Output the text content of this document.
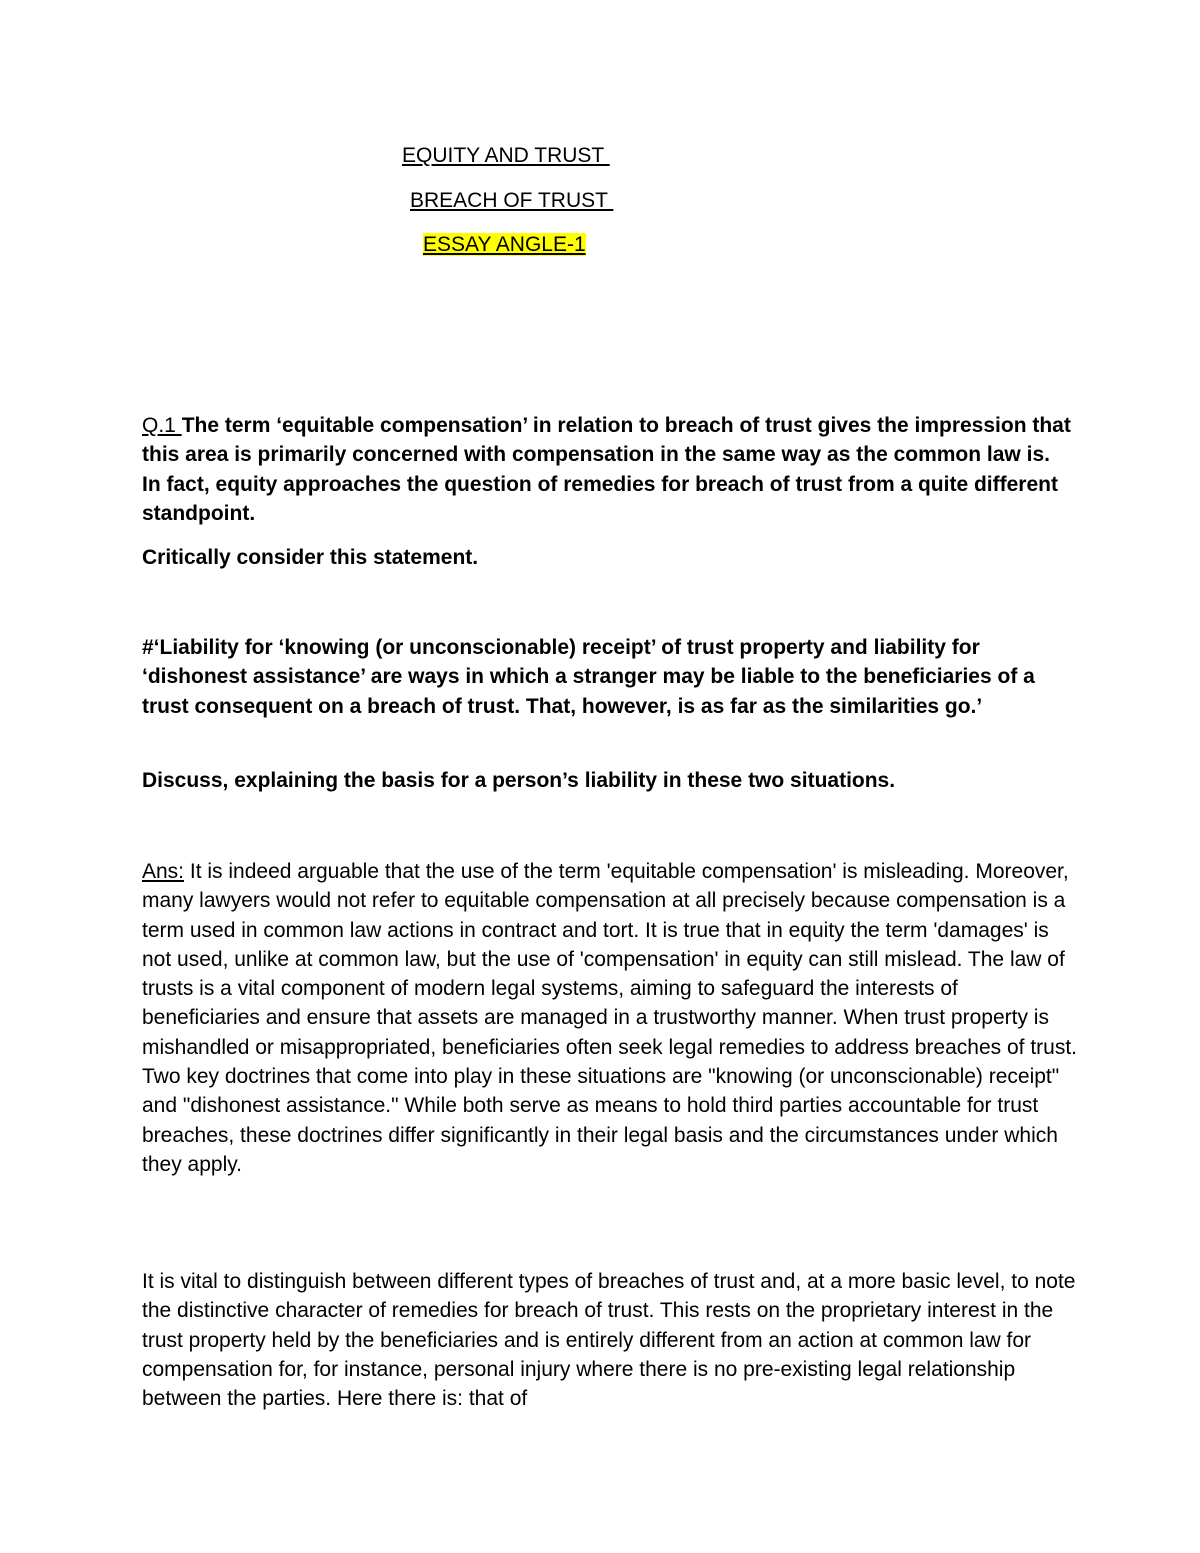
EQUITY AND TRUST
BREACH OF TRUST
ESSAY ANGLE-1
Q.1 The term ‘equitable compensation’ in relation to breach of trust gives the impression that this area is primarily concerned with compensation in the same way as the common law is. In fact, equity approaches the question of remedies for breach of trust from a quite different standpoint.
Critically consider this statement.
#‘Liability for ‘knowing (or unconscionable) receipt’ of trust property and liability for ‘dishonest assistance’ are ways in which a stranger may be liable to the beneficiaries of a trust consequent on a breach of trust. That, however, is as far as the similarities go.’
Discuss, explaining the basis for a person’s liability in these two situations.
Ans: It is indeed arguable that the use of the term 'equitable compensation' is misleading. Moreover, many lawyers would not refer to equitable compensation at all precisely because compensation is a term used in common law actions in contract and tort. It is true that in equity the term 'damages' is not used, unlike at common law, but the use of 'compensation' in equity can still mislead. The law of trusts is a vital component of modern legal systems, aiming to safeguard the interests of beneficiaries and ensure that assets are managed in a trustworthy manner. When trust property is mishandled or misappropriated, beneficiaries often seek legal remedies to address breaches of trust. Two key doctrines that come into play in these situations are "knowing (or unconscionable) receipt" and "dishonest assistance." While both serve as means to hold third parties accountable for trust breaches, these doctrines differ significantly in their legal basis and the circumstances under which they apply.
It is vital to distinguish between different types of breaches of trust and, at a more basic level, to note the distinctive character of remedies for breach of trust. This rests on the proprietary interest in the trust property held by the beneficiaries and is entirely different from an action at common law for compensation for, for instance, personal injury where there is no pre-existing legal relationship between the parties. Here there is: that of
